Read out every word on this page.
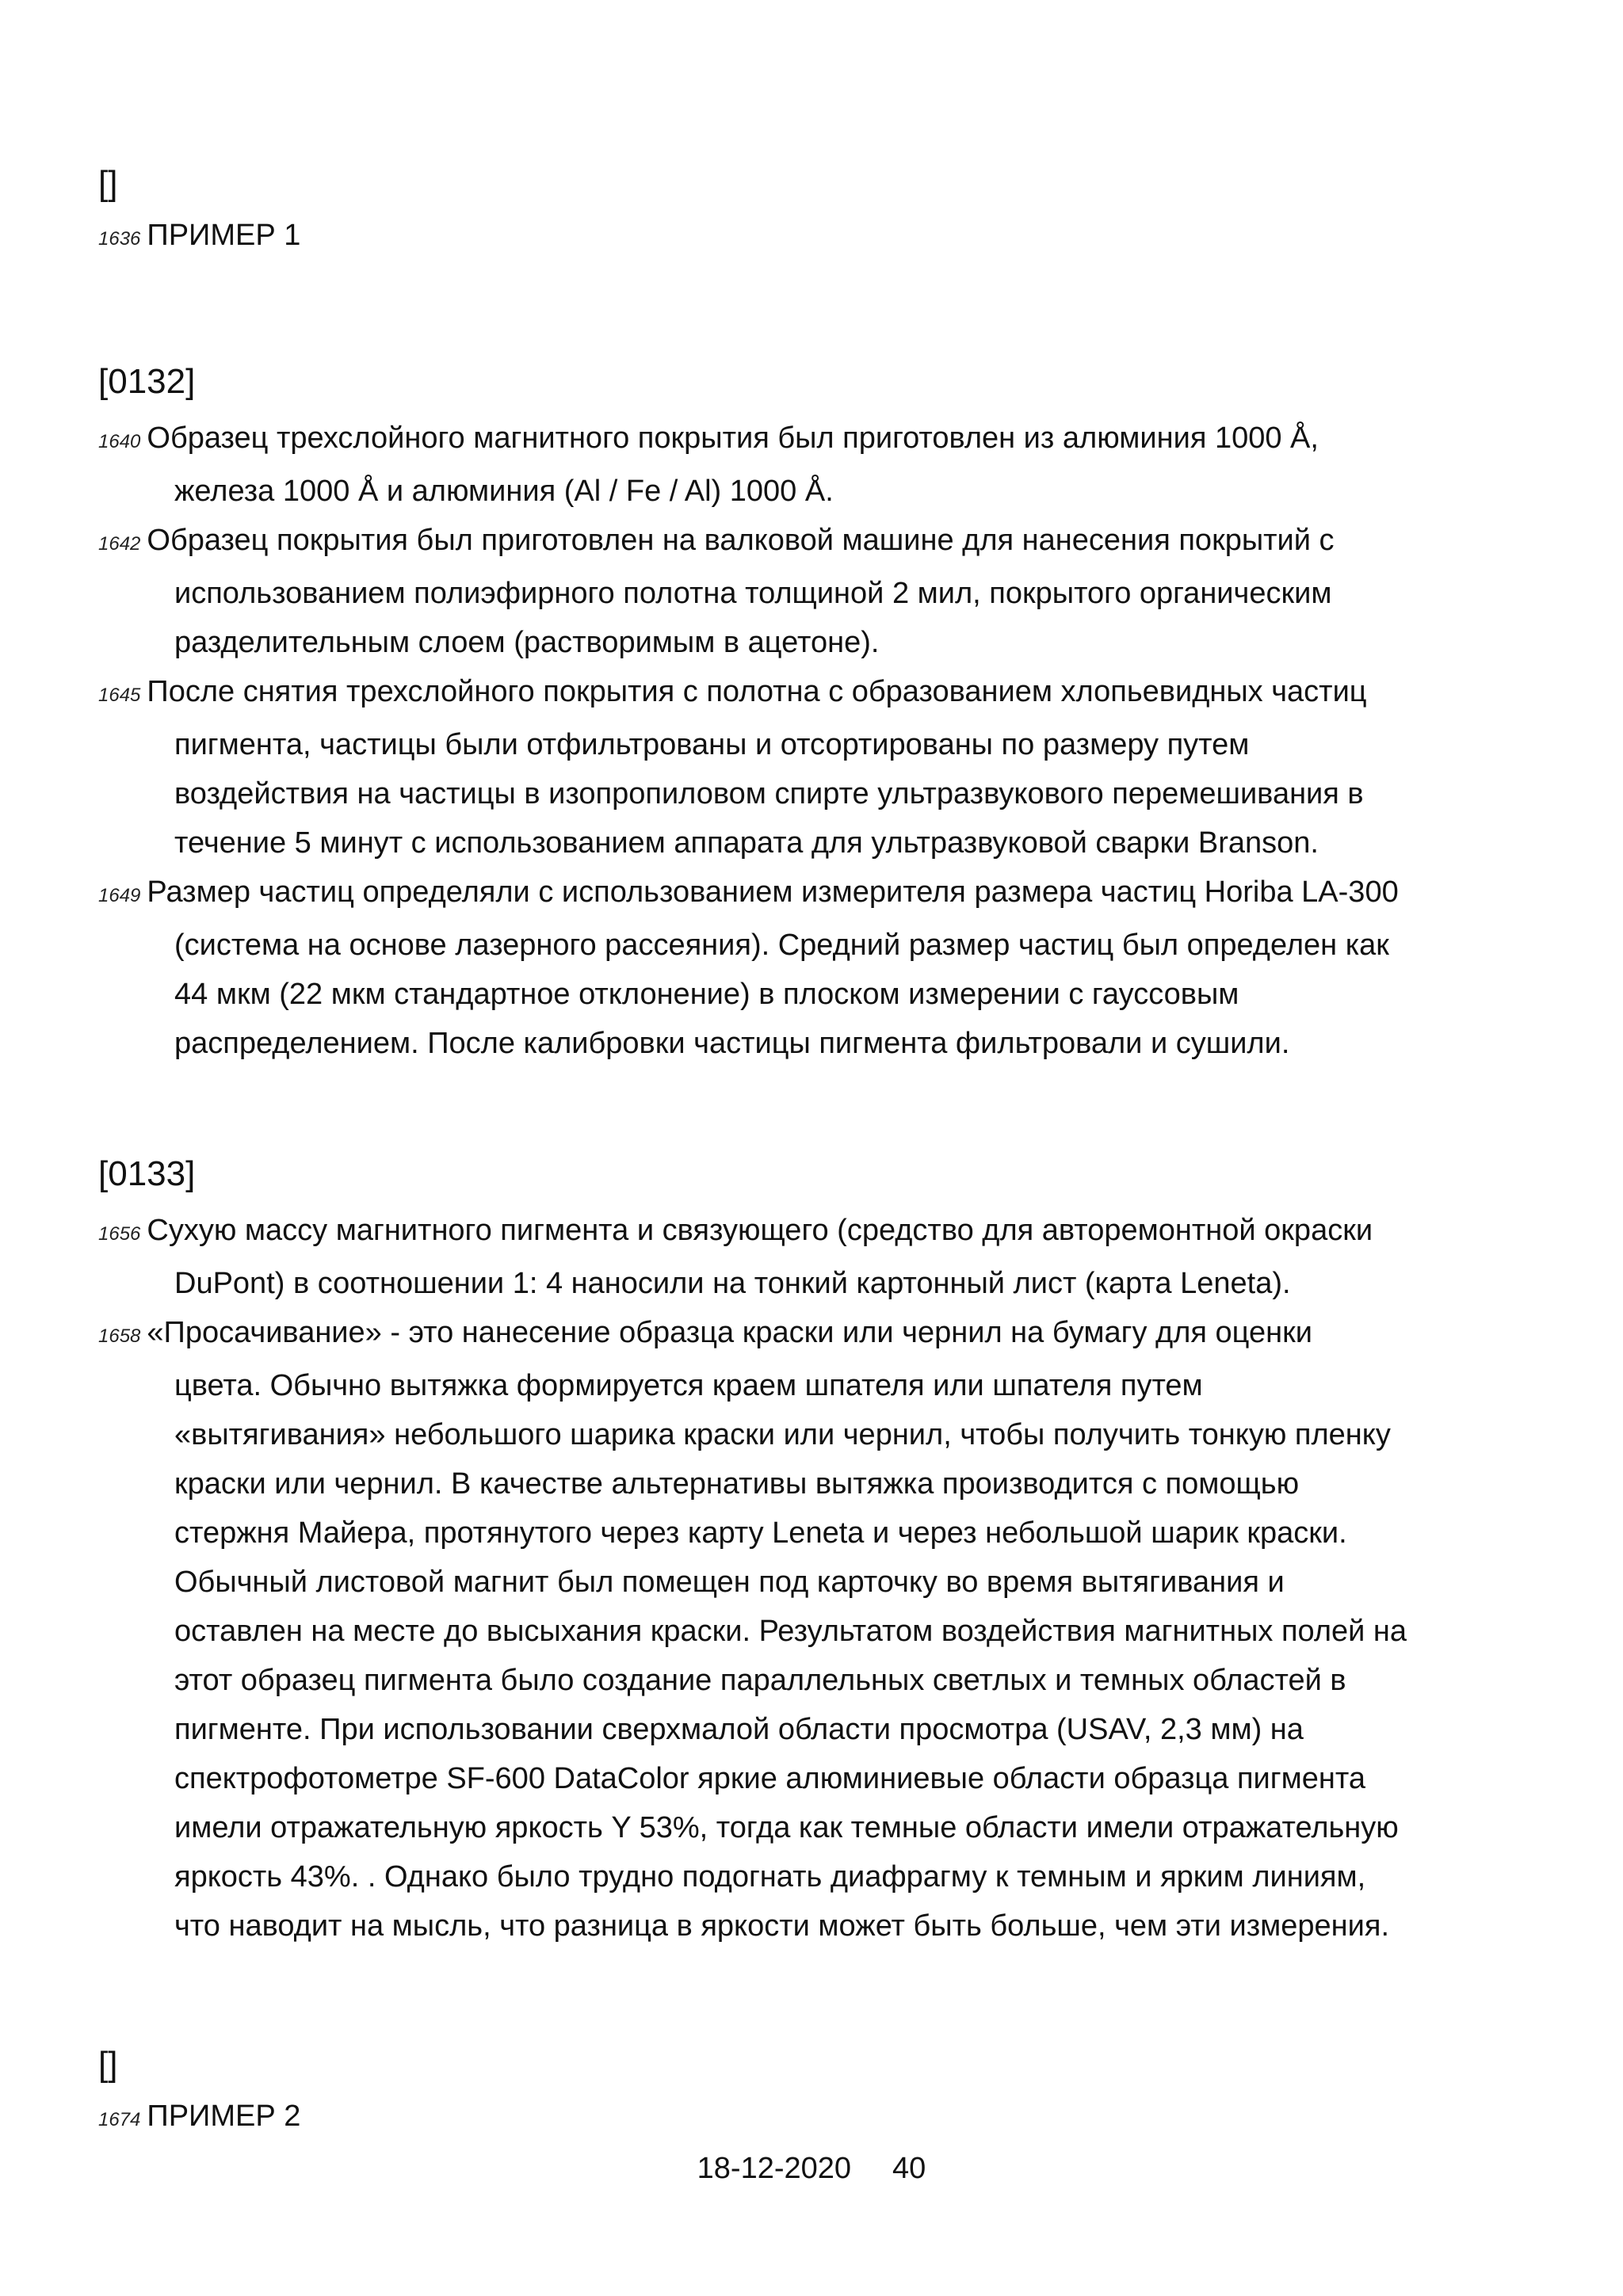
[]
1636 ПРИМЕР 1
[0132]
1640 Образец трехслойного магнитного покрытия был приготовлен из алюминия 1000 Å,
железа 1000 Å и алюминия (Al / Fe / Al) 1000 Å.
1642 Образец покрытия был приготовлен на валковой машине для нанесения покрытий с
использованием полиэфирного полотна толщиной 2 мил, покрытого органическим
разделительным слоем (растворимым в ацетоне).
1645 После снятия трехслойного покрытия с полотна с образованием хлопьевидных частиц
пигмента, частицы были отфильтрованы и отсортированы по размеру путем
воздействия на частицы в изопропиловом спирте ультразвукового перемешивания в
течение 5 минут с использованием аппарата для ультразвуковой сварки Branson.
1649 Размер частиц определяли с использованием измерителя размера частиц Horiba LA-300
(система на основе лазерного рассеяния). Средний размер частиц был определен как
44 мкм (22 мкм стандартное отклонение) в плоском измерении с гауссовым
распределением. После калибровки частицы пигмента фильтровали и сушили.
[0133]
1656 Сухую массу магнитного пигмента и связующего (средство для авторемонтной окраски
DuPont) в соотношении 1: 4 наносили на тонкий картонный лист (карта Leneta).
1658 «Просачивание» - это нанесение образца краски или чернил на бумагу для оценки
цвета. Обычно вытяжка формируется краем шпателя или шпателя путем
«вытягивания» небольшого шарика краски или чернил, чтобы получить тонкую пленку
краски или чернил. В качестве альтернативы вытяжка производится с помощью
стержня Майера, протянутого через карту Leneta и через небольшой шарик краски.
Обычный листовой магнит был помещен под карточку во время вытягивания и
оставлен на месте до высыхания краски. Результатом воздействия магнитных полей на
этот образец пигмента было создание параллельных светлых и темных областей в
пигменте. При использовании сверхмалой области просмотра (USAV, 2,3 мм) на
спектрофотометре SF-600 DataColor яркие алюминиевые области образца пигмента
имели отражательную яркость Y 53%, тогда как темные области имели отражательную
яркость 43%. . Однако было трудно подогнать диафрагму к темным и ярким линиям,
что наводит на мысль, что разница в яркости может быть больше, чем эти измерения.
[]
1674 ПРИМЕР 2
18-12-2020 40
